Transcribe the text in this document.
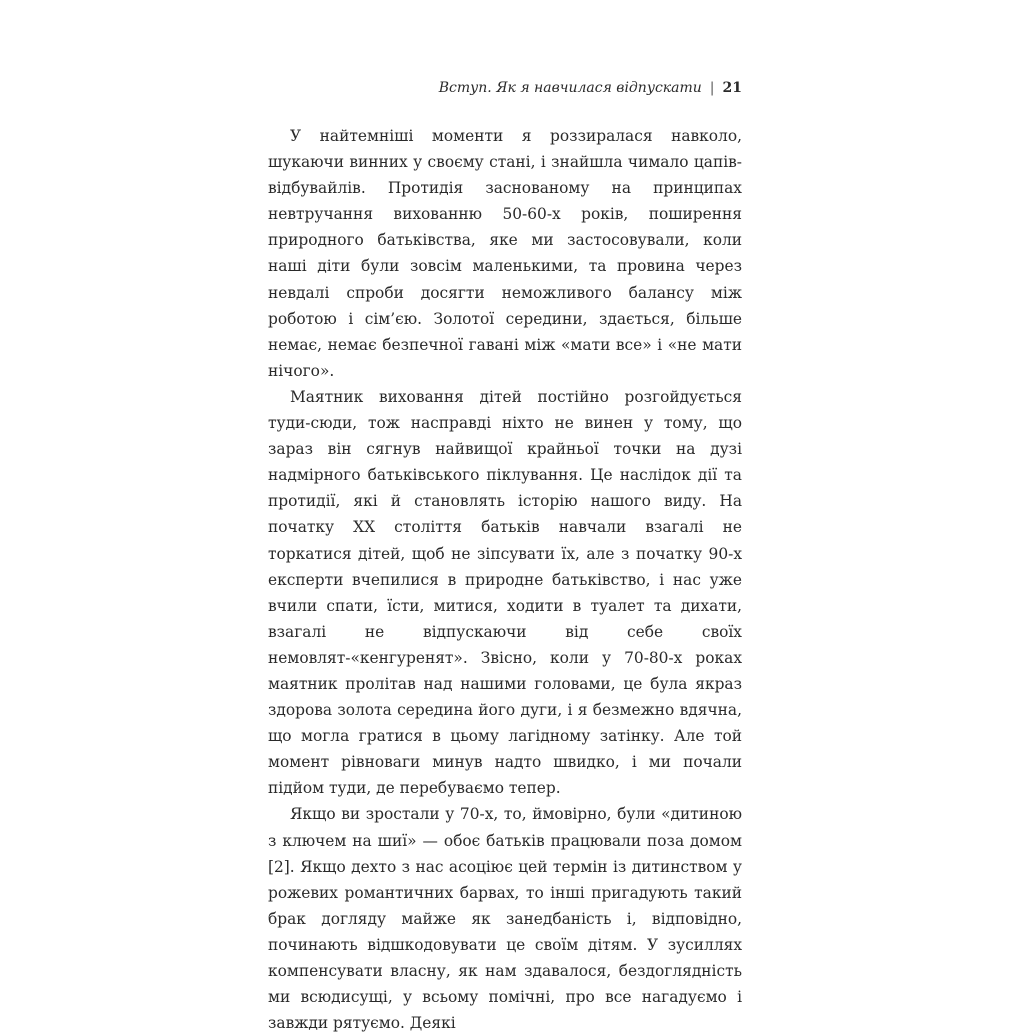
Вступ. Як я навчилася відпускати | 21

У найтемніші моменти я роззиралася навколо, шукаючи винних у своєму стані, і знайшла чимало цапів-відбувайлів. Протидія заснованому на принципах невтручання вихованню 50-60-х років, поширення природного батьківства, яке ми застосовували, коли наші діти були зовсім маленькими, та провина через невдалі спроби досягти неможливого балансу між роботою і сім’єю. Золотої середини, здається, більше немає, немає безпечної гавані між «мати все» і «не мати нічого».

Маятник виховання дітей постійно розгойдується туди-сюди, тож насправді ніхто не винен у тому, що зараз він сягнув найвищої крайньої точки на дузі надмірного батьківського піклування. Це наслідок дії та протидії, які й становлять історію нашого виду. На початку ХХ століття батьків навчали взагалі не торкатися дітей, щоб не зіпсувати їх, але з початку 90-х експерти вчепилися в природне батьківство, і нас уже вчили спати, їсти, митися, ходити в туалет та дихати, взагалі не відпускаючи від себе своїх немовлят-«кенгуренят». Звісно, коли у 70-80-х роках маятник пролітав над нашими головами, це була якраз здорова золота середина його дуги, і я безмежно вдячна, що могла гратися в цьому лагідному затінку. Але той момент рівноваги минув надто швидко, і ми почали підйом туди, де перебуваємо тепер.

Якщо ви зростали у 70-х, то, ймовірно, були «дитиною з ключем на шиї» — обоє батьків працювали поза домом [2]. Якщо дехто з нас асоціює цей термін із дитинством у рожевих романтичних барвах, то інші пригадують такий брак догляду майже як занедбаність і, відповідно, починають відшкодовувати це своїм дітям. У зусиллях компенсувати власну, як нам здавалося, бездоглядність ми всюдисущі, у всьому помічні, про все нагадуємо і завжди рятуємо. Деякі
